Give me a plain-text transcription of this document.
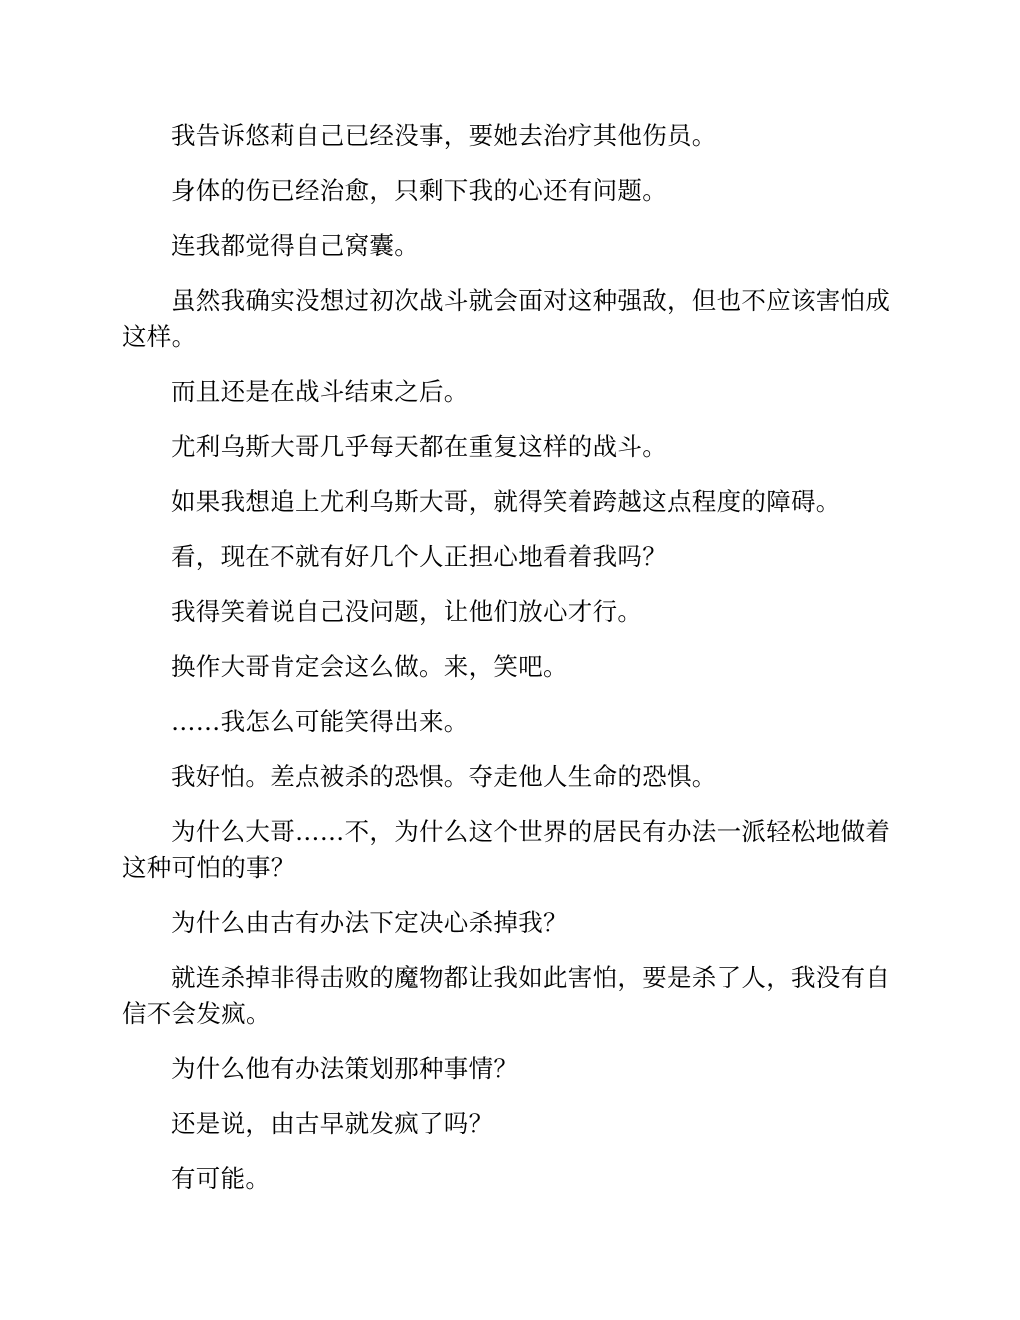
我告诉悠莉自己已经没事，要她去治疗其他伤员。

身体的伤已经治愈，只剩下我的心还有问题。

连我都觉得自己窝囊。

虽然我确实没想过初次战斗就会面对这种强敌，但也不应该害怕成这样。

而且还是在战斗结束之后。

尤利乌斯大哥几乎每天都在重复这样的战斗。

如果我想追上尤利乌斯大哥，就得笑着跨越这点程度的障碍。

看，现在不就有好几个人正担心地看着我吗？

我得笑着说自己没问题，让他们放心才行。

换作大哥肯定会这么做。来，笑吧。

……我怎么可能笑得出来。

我好怕。差点被杀的恐惧。夺走他人生命的恐惧。

为什么大哥……不，为什么这个世界的居民有办法一派轻松地做着这种可怕的事？

为什么由古有办法下定决心杀掉我？

就连杀掉非得击败的魔物都让我如此害怕，要是杀了人，我没有自信不会发疯。

为什么他有办法策划那种事情？

还是说，由古早就发疯了吗？

有可能。
